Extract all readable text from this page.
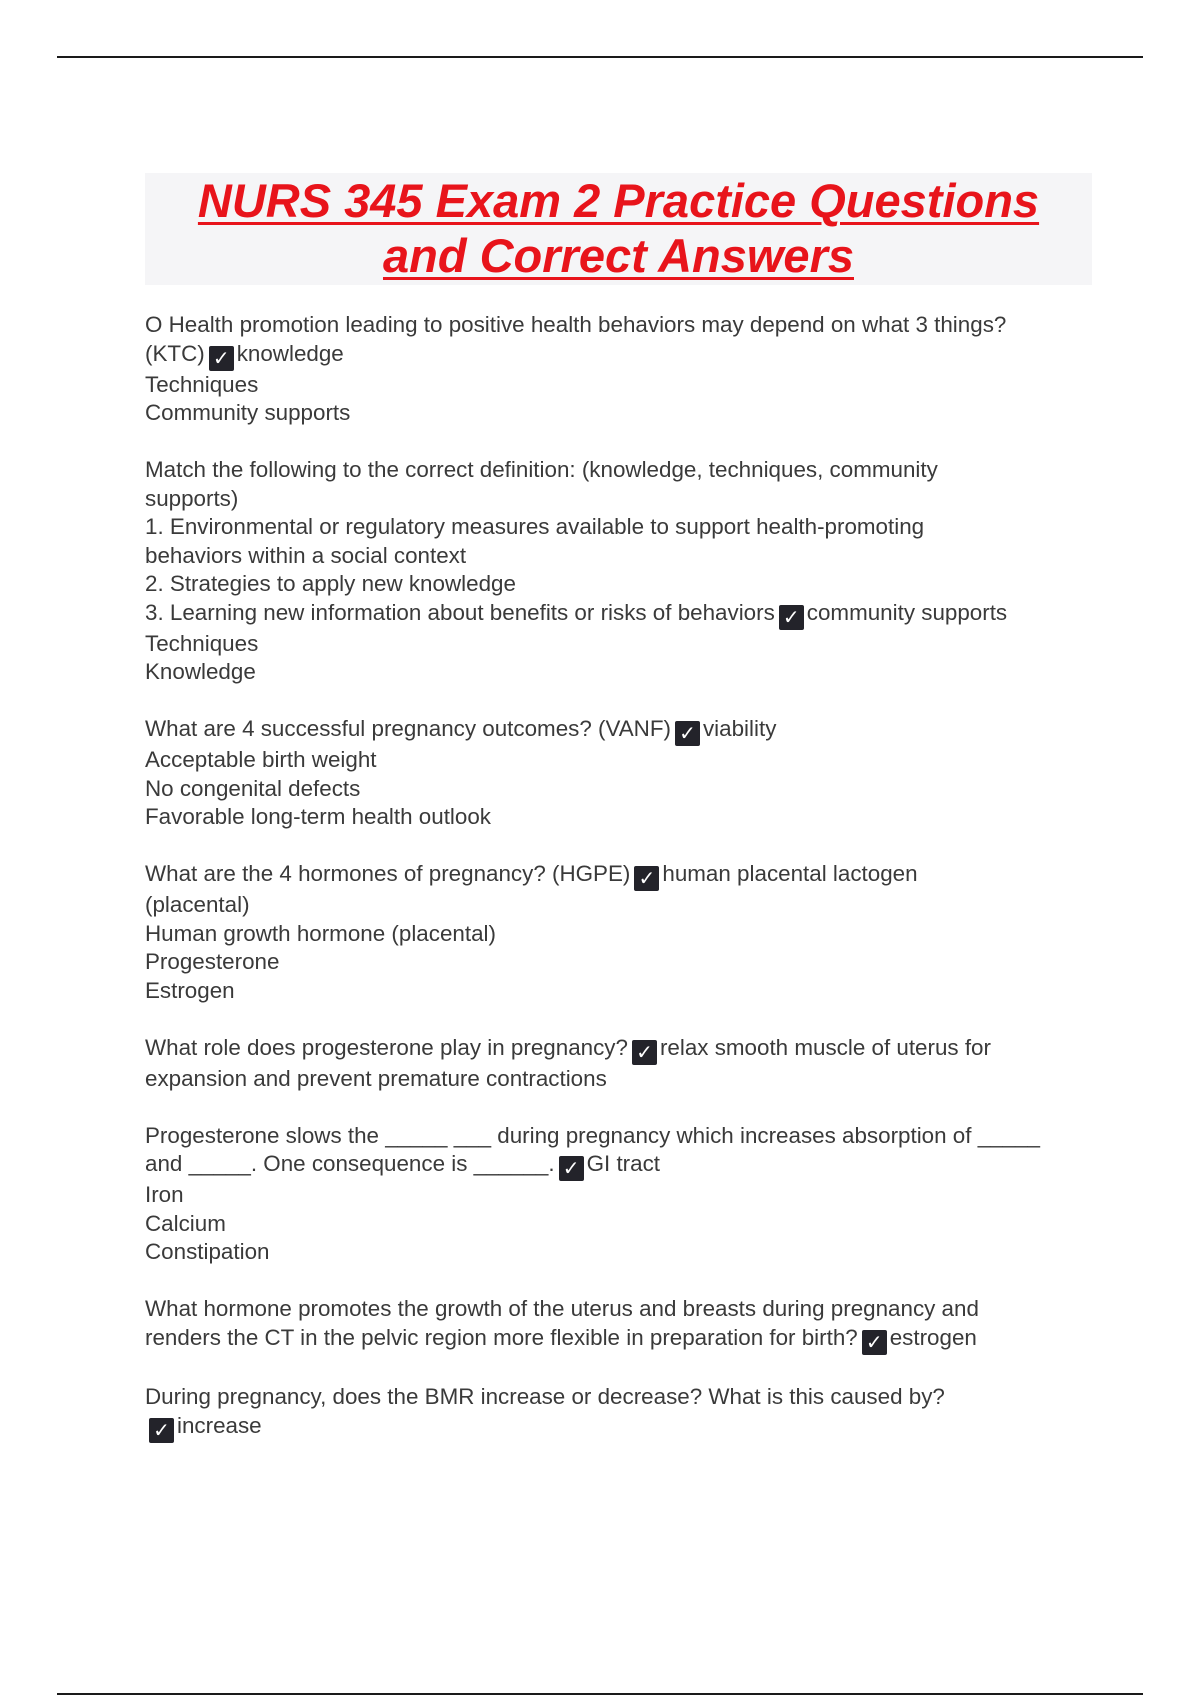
NURS 345 Exam 2 Practice Questions
and Correct Answers
O Health promotion leading to positive health behaviors may depend on what 3 things?
(KTC) ✓ knowledge
Techniques
Community supports
Match the following to the correct definition: (knowledge, techniques, community
supports)
1. Environmental or regulatory measures available to support health-promoting
behaviors within a social context
2. Strategies to apply new knowledge
3. Learning new information about benefits or risks of behaviors ✓ community supports
Techniques
Knowledge
What are 4 successful pregnancy outcomes? (VANF) ✓ viability
Acceptable birth weight
No congenital defects
Favorable long-term health outlook
What are the 4 hormones of pregnancy? (HGPE) ✓ human placental lactogen
(placental)
Human growth hormone (placental)
Progesterone
Estrogen
What role does progesterone play in pregnancy? ✓ relax smooth muscle of uterus for
expansion and prevent premature contractions
Progesterone slows the _____ ___ during pregnancy which increases absorption of _____
and _____. One consequence is ______. ✓ GI tract
Iron
Calcium
Constipation
What hormone promotes the growth of the uterus and breasts during pregnancy and
renders the CT in the pelvic region more flexible in preparation for birth? ✓ estrogen
During pregnancy, does the BMR increase or decrease? What is this caused by?
✓ increase
